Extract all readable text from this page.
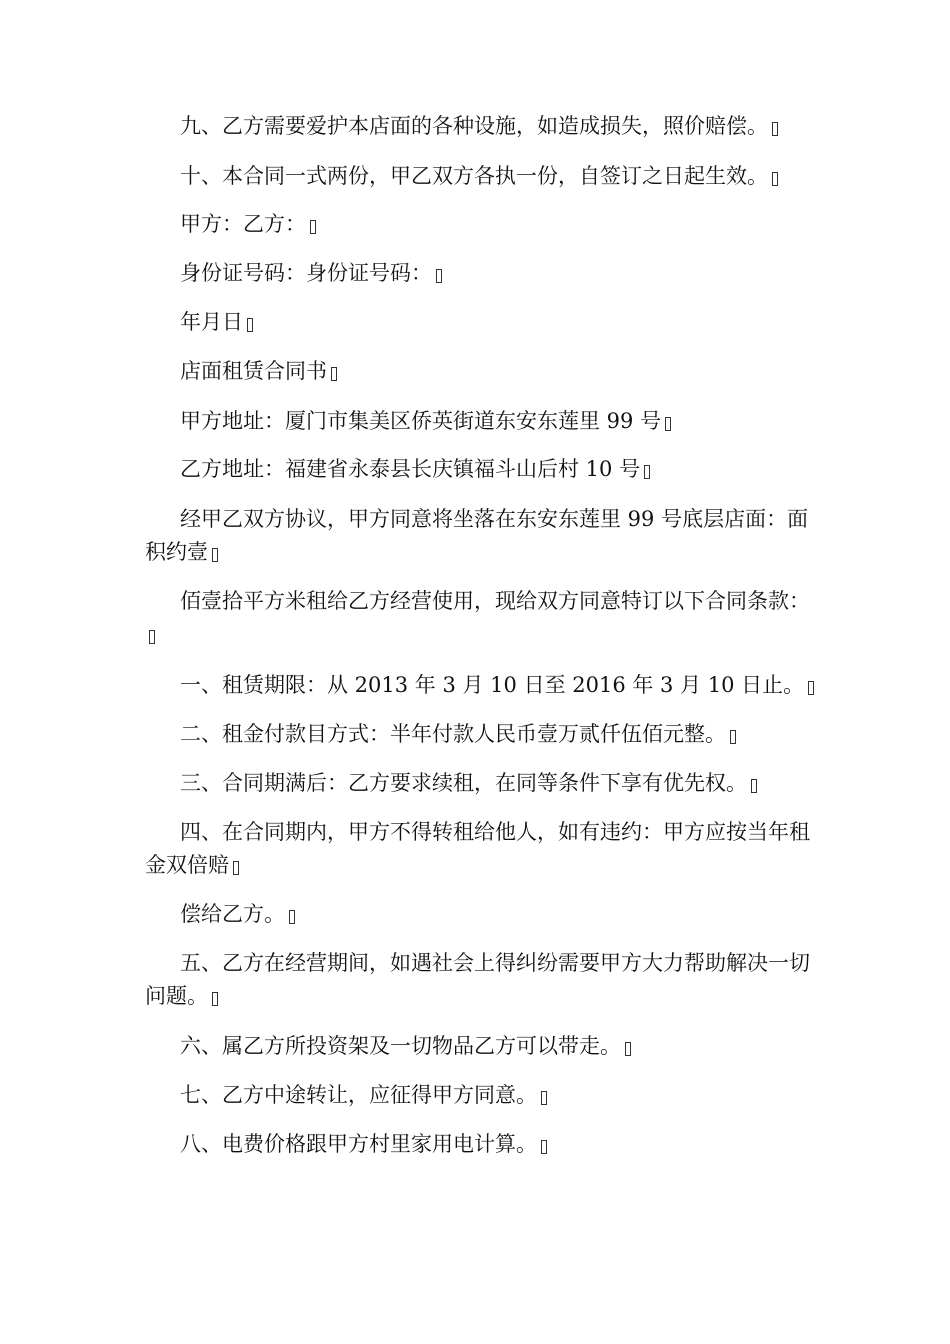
九、乙方需要爱护本店面的各种设施，如造成损失，照价赔偿。

十、本合同一式两份，甲乙双方各执一份，自签订之日起生效。

甲方：乙方：

身份证号码：身份证号码：

年月日

店面租赁合同书

甲方地址：厦门市集美区侨英街道东安东莲里 99 号

乙方地址：福建省永泰县长庆镇福斗山后村 10 号

经甲乙双方协议，甲方同意将坐落在东安东莲里 99 号底层店面：面积约壹

佰壹拾平方米租给乙方经营使用，现给双方同意特订以下合同条款：

一、租赁期限：从 2013 年 3 月 10 日至 2016 年 3 月 10 日止。

二、租金付款目方式：半年付款人民币壹万贰仟伍佰元整。

三、合同期满后：乙方要求续租，在同等条件下享有优先权。

四、在合同期内，甲方不得转租给他人，如有违约：甲方应按当年租金双倍赔

偿给乙方。

五、乙方在经营期间，如遇社会上得纠纷需要甲方大力帮助解决一切问题。

六、属乙方所投资架及一切物品乙方可以带走。

七、乙方中途转让，应征得甲方同意。

八、电费价格跟甲方村里家用电计算。
